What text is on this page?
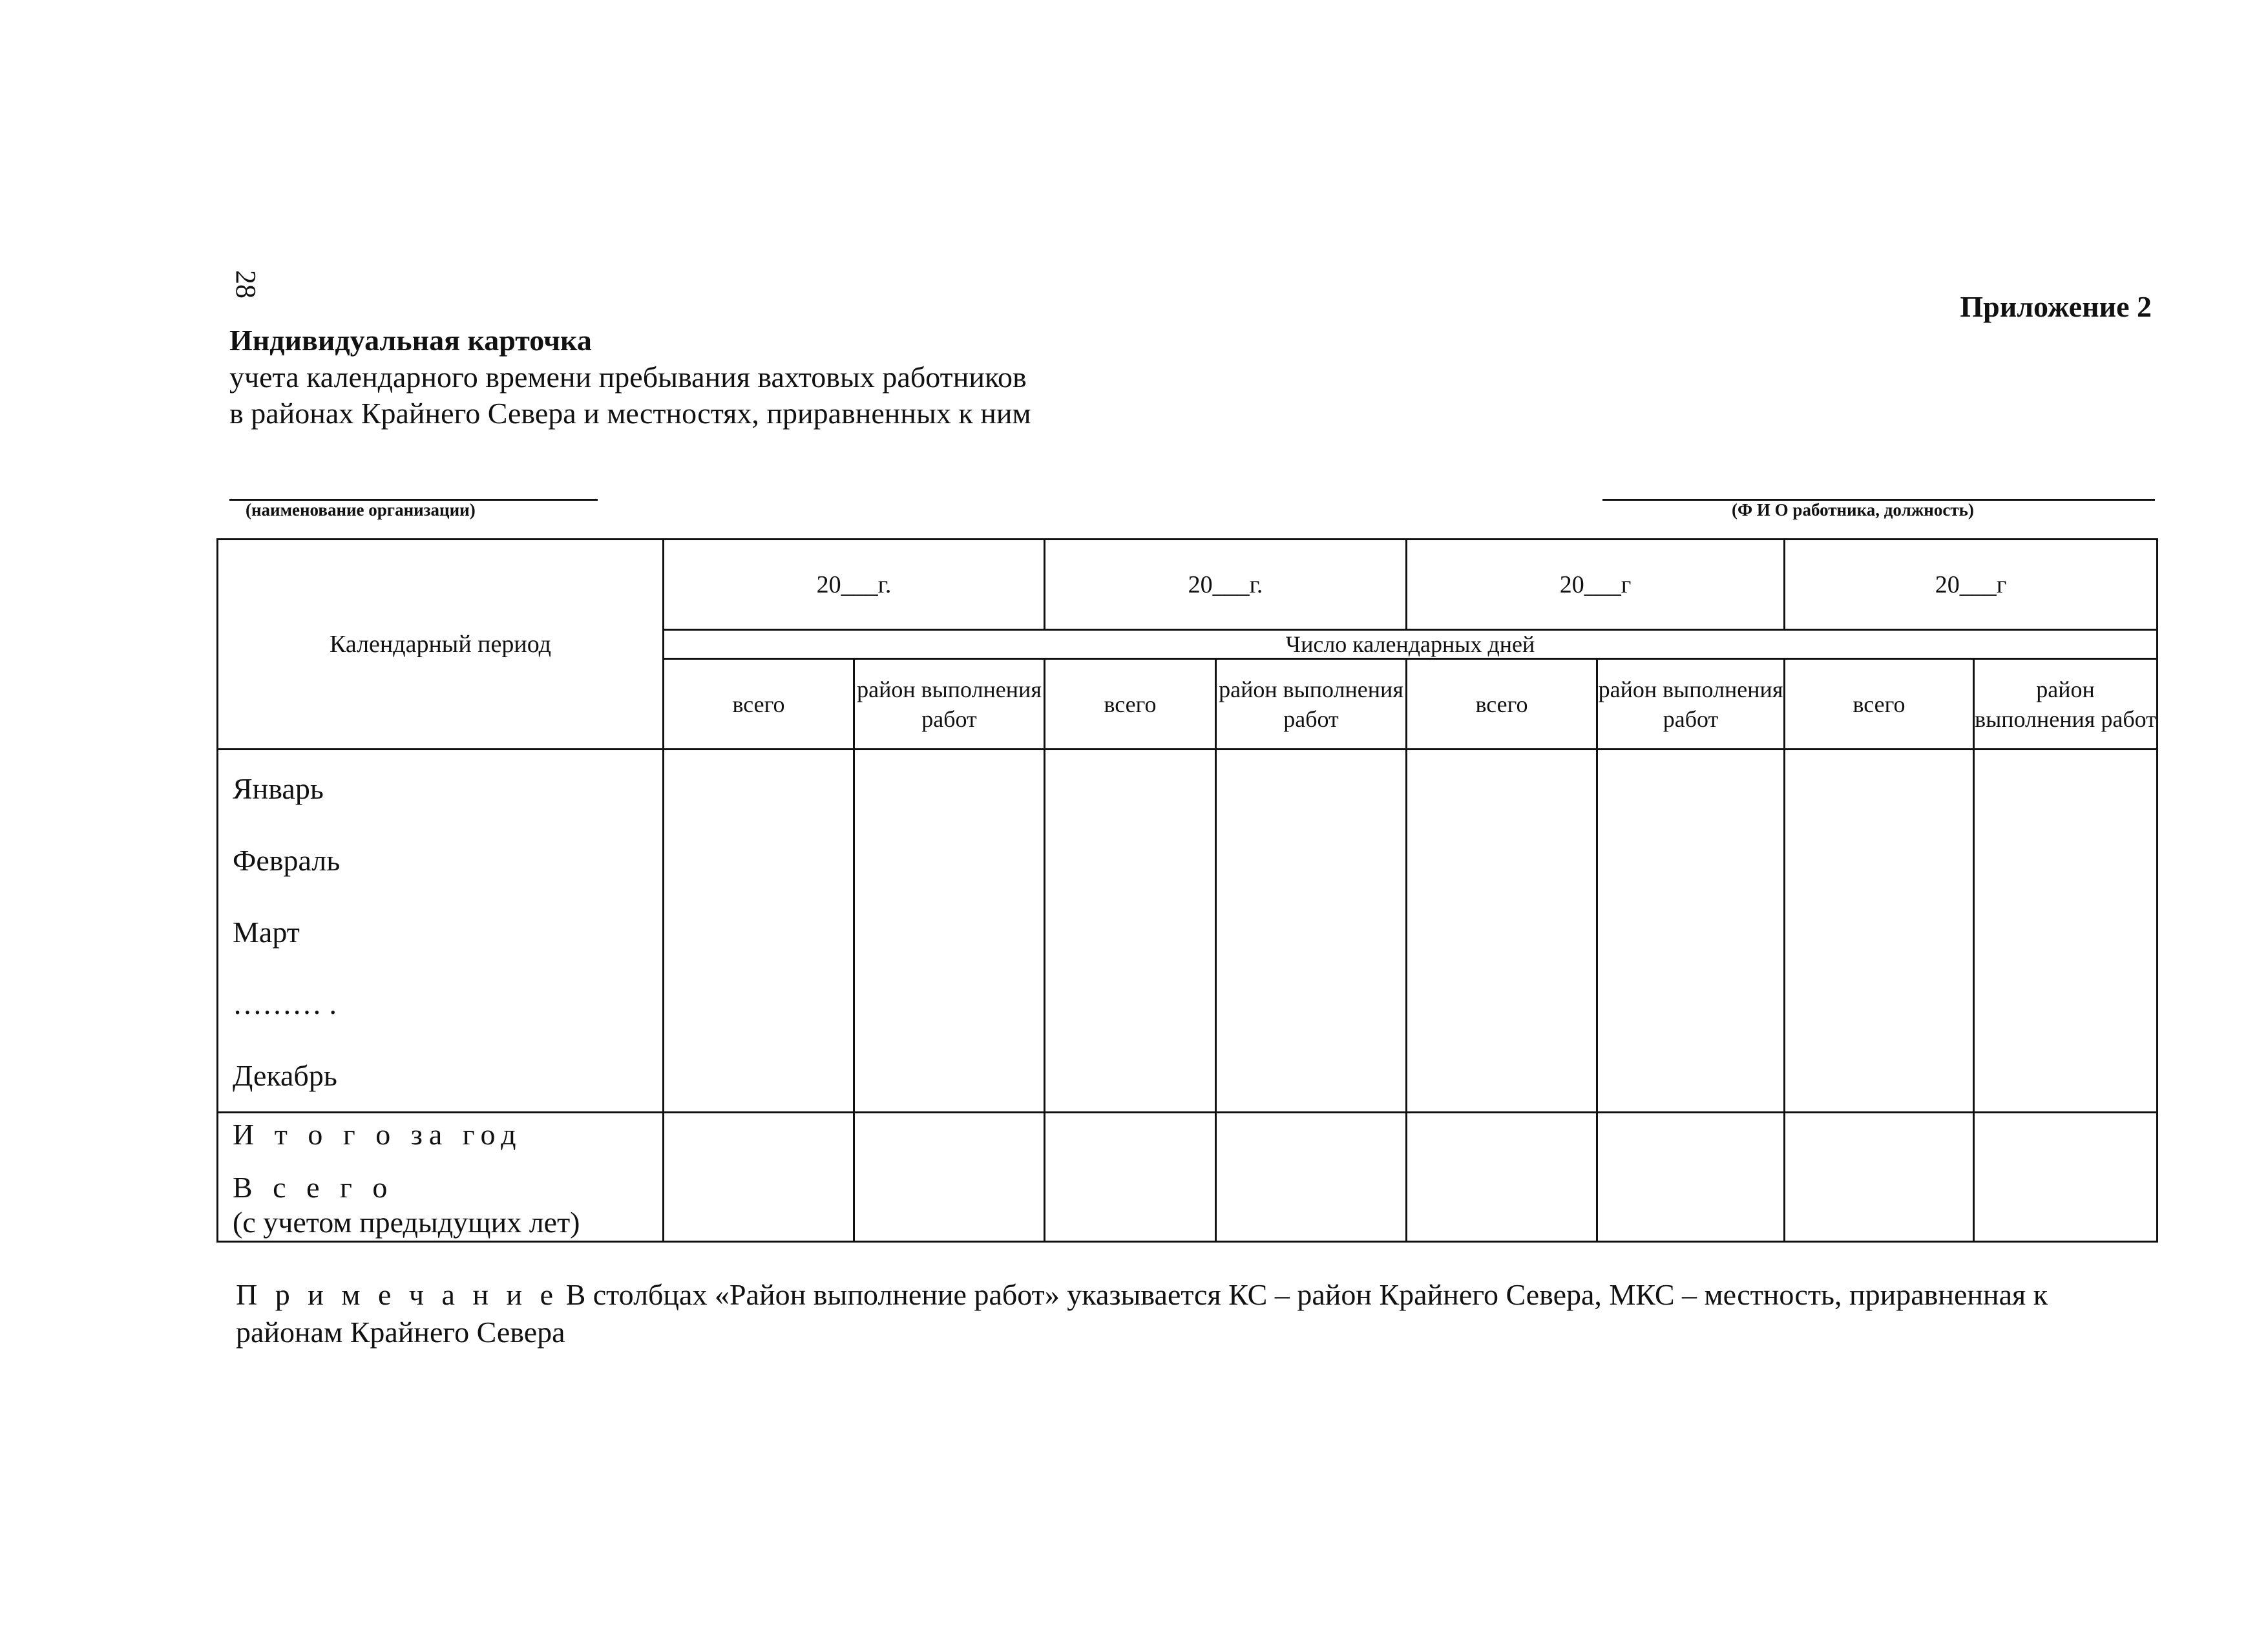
28
Приложение 2
Индивидуальная карточка
учета календарного времени пребывания вахтовых работников
в районах Крайнего Севера и местностях, приравненных к ним
(наименование организации)	(Ф И О работника, должность)
Календарный период	20___г.		20___г.		20___г		20___г	
	Число календарных дней							
	всего	район выполнения работ	всего	район выполнения работ	всего	район выполнения работ	всего	район выполнения работ

Январь
Февраль
Март
……… .
Декабрь								

И т о г о за год
В с е г о
(с учетом предыдущих лет)								

П р и м е ч а н и е В столбцах «Район выполнение работ» указывается КС – район Крайнего Севера, МКС – местность, приравненная к районам Крайнего Севера
